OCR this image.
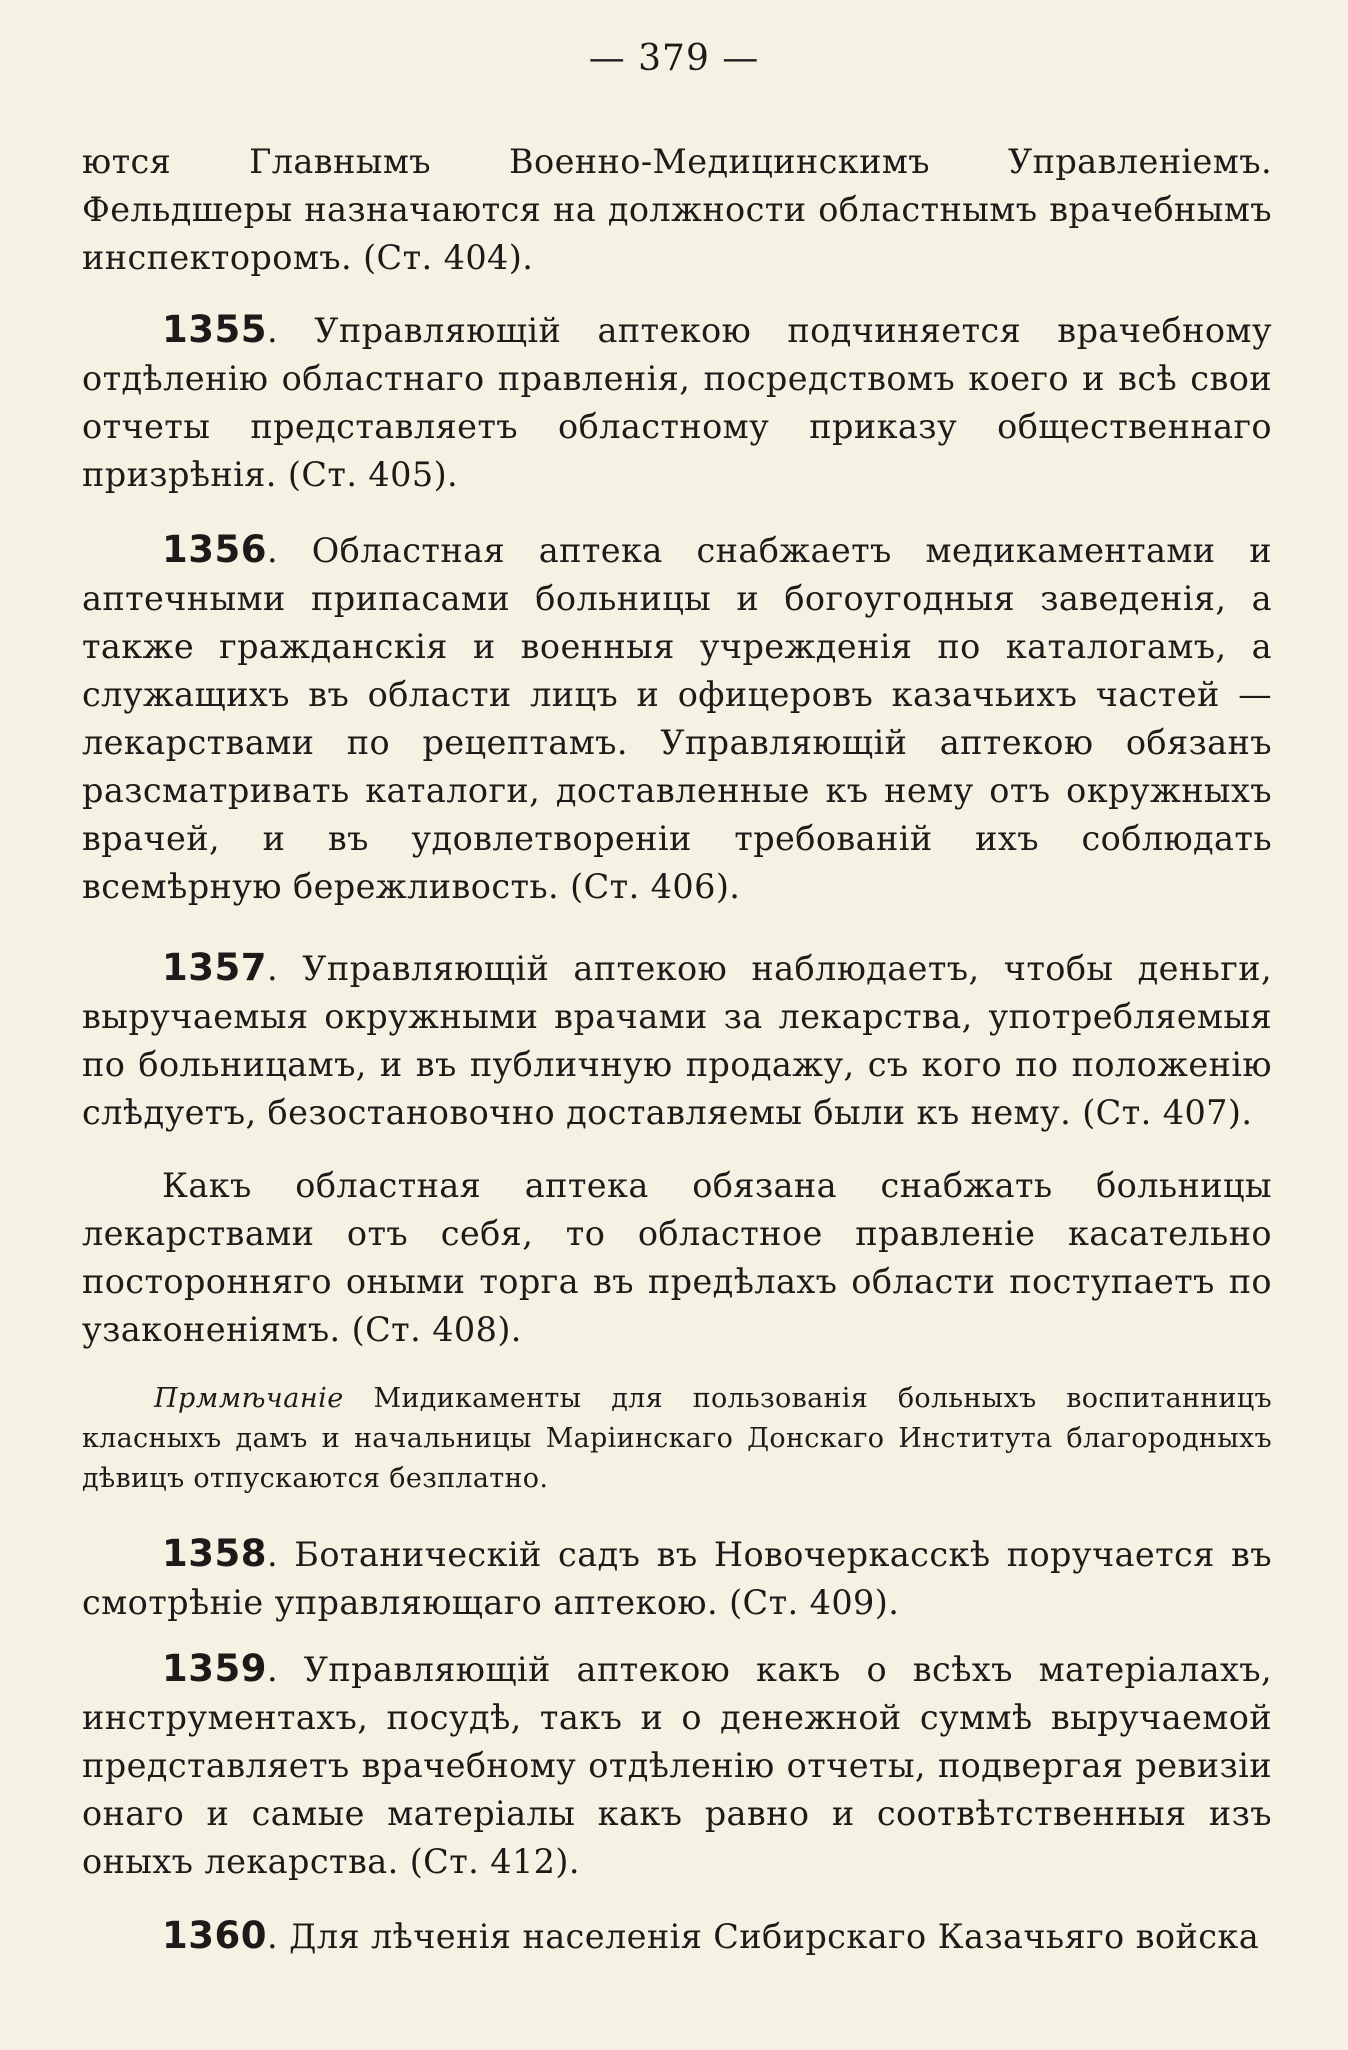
— 379 —
ются Главнымъ Военно-Медицинскимъ Управленіемъ. Фельдшеры назначаются на должности областнымъ врачебнымъ инспекторомъ. (Ст. 404).
1355. Управляющій аптекою подчиняется врачебному отдѣленію областнаго правленія, посредствомъ коего и всѣ свои отчеты представляетъ областному приказу общественнаго призрѣнія. (Ст. 405).
1356. Областная аптека снабжаетъ медикаментами и аптечными припасами больницы и богоугодныя заведенія, а также гражданскія и военныя учрежденія по каталогамъ, а служащихъ въ области лицъ и офицеровъ казачьихъ частей — лекарствами по рецептамъ. Управляющій аптекою обязанъ разсматривать каталоги, доставленные къ нему отъ окружныхъ врачей, и въ удовлетвореніи требованій ихъ соблюдать всемѣрную бережливость. (Ст. 406).
1357. Управляющій аптекою наблюдаетъ, чтобы деньги, выручаемыя окружными врачами за лекарства, употребляемыя по больницамъ, и въ публичную продажу, съ кого по положенію слѣдуетъ, безостановочно доставляемы были къ нему. (Ст. 407).
Какъ областная аптека обязана снабжать больницы лекарствами отъ себя, то областное правленіе касательно посторонняго оными торга въ предѣлахъ области поступаетъ по узаконеніямъ. (Ст. 408).
Прммѣчаніе Мидикаменты для пользованія больныхъ воспитанницъ класныхъ дамъ и начальницы Маріинскаго Донскаго Института благородныхъ дѣвицъ отпускаются безплатно.
1358. Ботаническій садъ въ Новочеркасскѣ поручается въ смотрѣніе управляющаго аптекою. (Ст. 409).
1359. Управляющій аптекою какъ о всѣхъ матеріалахъ, инструментахъ, посудѣ, такъ и о денежной суммѣ выручаемой представляетъ врачебному отдѣленію отчеты, подвергая ревизіи онаго и самые матеріалы какъ равно и соотвѣтственныя изъ оныхъ лекарства. (Ст. 412).
1360. Для лѣченія населенія Сибирскаго Казачьяго войска
